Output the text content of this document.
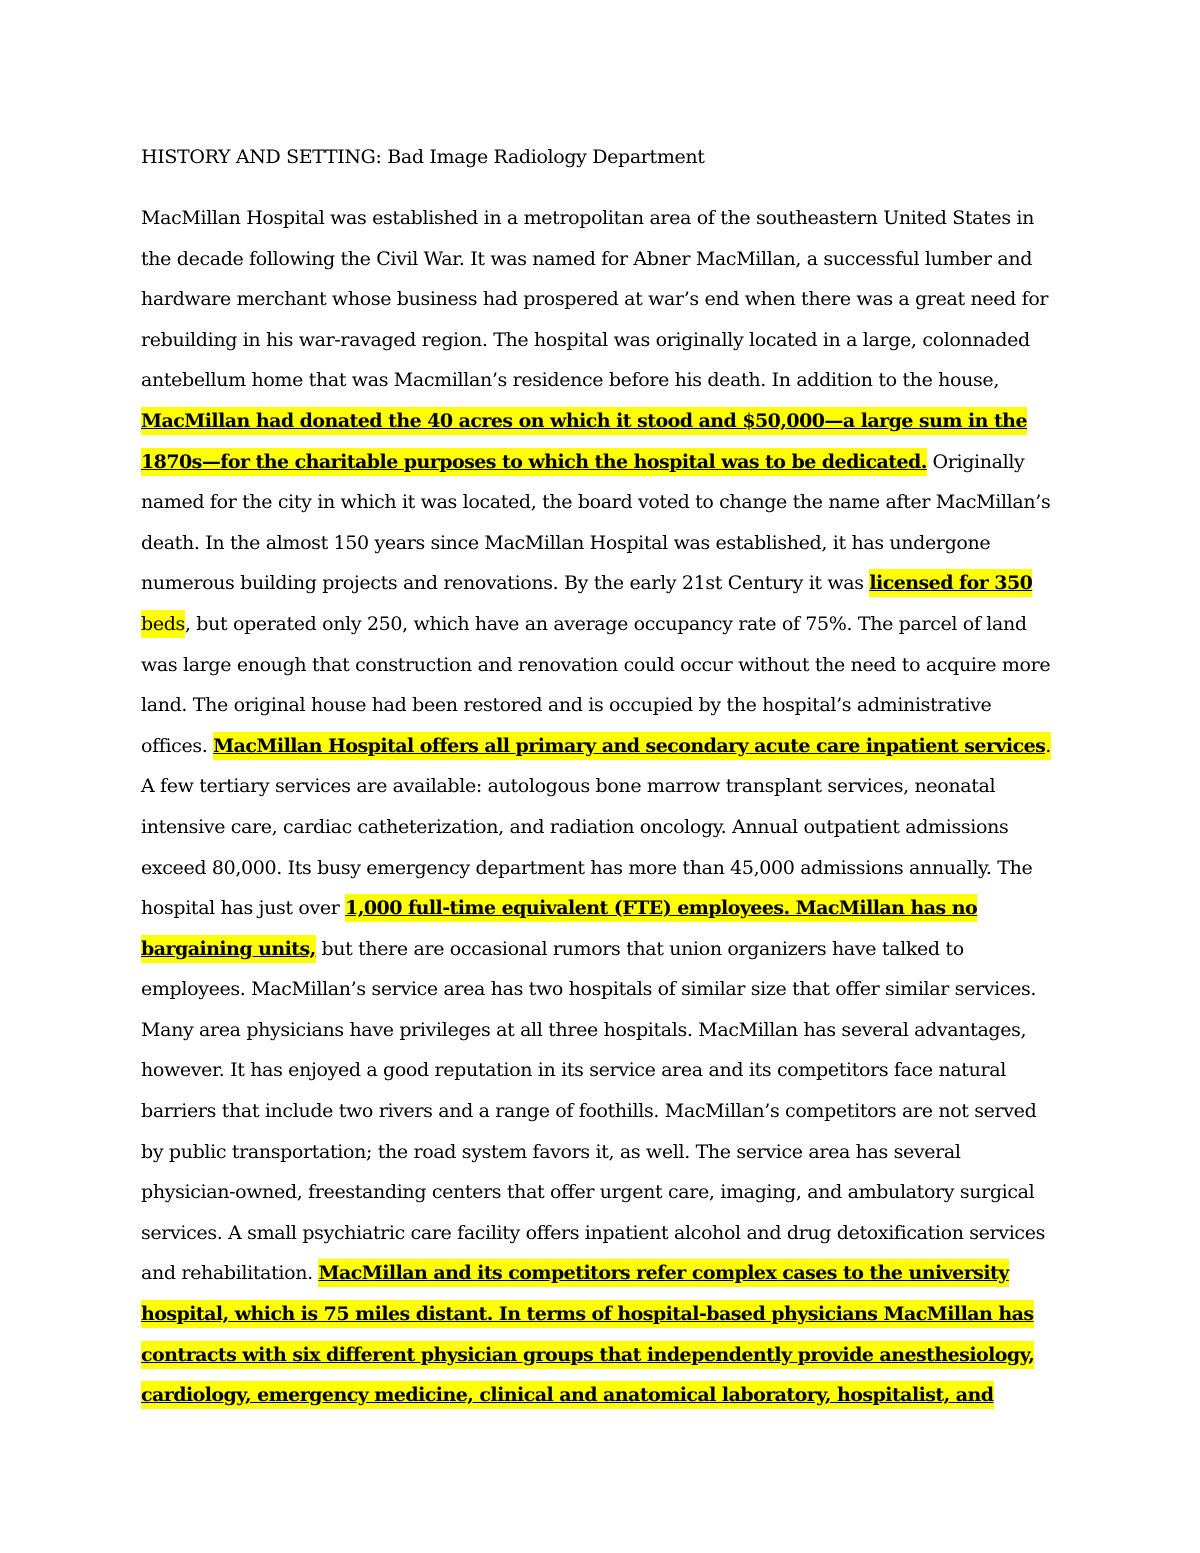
HISTORY AND SETTING: Bad Image Radiology Department
MacMillan Hospital was established in a metropolitan area of the southeastern United States in
the decade following the Civil War. It was named for Abner MacMillan, a successful lumber and
hardware merchant whose business had prospered at war’s end when there was a great need for
rebuilding in his war-ravaged region. The hospital was originally located in a large, colonnaded
antebellum home that was Macmillan’s residence before his death. In addition to the house,
MacMillan had donated the 40 acres on which it stood and $50,000—a large sum in the
1870s—for the charitable purposes to which the hospital was to be dedicated. Originally
named for the city in which it was located, the board voted to change the name after MacMillan’s
death. In the almost 150 years since MacMillan Hospital was established, it has undergone
numerous building projects and renovations. By the early 21st Century it was licensed for 350
beds, but operated only 250, which have an average occupancy rate of 75%. The parcel of land
was large enough that construction and renovation could occur without the need to acquire more
land. The original house had been restored and is occupied by the hospital’s administrative
offices. MacMillan Hospital offers all primary and secondary acute care inpatient services.
A few tertiary services are available: autologous bone marrow transplant services, neonatal
intensive care, cardiac catheterization, and radiation oncology. Annual outpatient admissions
exceed 80,000. Its busy emergency department has more than 45,000 admissions annually. The
hospital has just over 1,000 full-time equivalent (FTE) employees. MacMillan has no
bargaining units, but there are occasional rumors that union organizers have talked to
employees. MacMillan’s service area has two hospitals of similar size that offer similar services.
Many area physicians have privileges at all three hospitals. MacMillan has several advantages,
however. It has enjoyed a good reputation in its service area and its competitors face natural
barriers that include two rivers and a range of foothills. MacMillan’s competitors are not served
by public transportation; the road system favors it, as well. The service area has several
physician-owned, freestanding centers that offer urgent care, imaging, and ambulatory surgical
services. A small psychiatric care facility offers inpatient alcohol and drug detoxification services
and rehabilitation. MacMillan and its competitors refer complex cases to the university
hospital, which is 75 miles distant. In terms of hospital-based physicians MacMillan has
contracts with six different physician groups that independently provide anesthesiology,
cardiology, emergency medicine, clinical and anatomical laboratory, hospitalist, and
